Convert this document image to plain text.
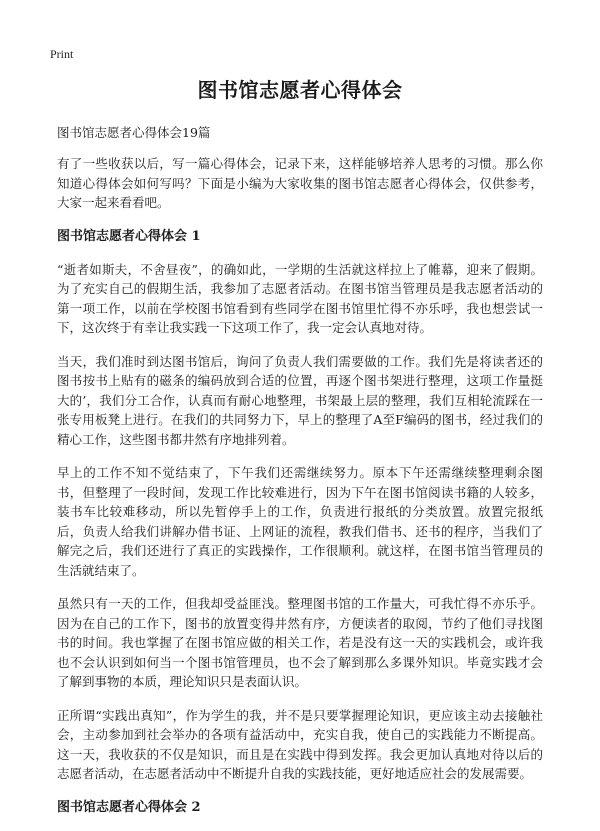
Print
图书馆志愿者心得体会
图书馆志愿者心得体会19篇

有了一些收获以后，写一篇心得体会，记录下来，这样能够培养人思考的习惯。那么你知道心得体会如何写吗？下面是小编为大家收集的图书馆志愿者心得体会，仅供参考，大家一起来看看吧。

图书馆志愿者心得体会 1

“逝者如斯夫，不舍昼夜”，的确如此，一学期的生活就这样拉上了帷幕，迎来了假期。为了充实自己的假期生活，我参加了志愿者活动。在图书馆当管理员是我志愿者活动的第一项工作，以前在学校图书馆看到有些同学在图书馆里忙得不亦乐呼，我也想尝试一下，这次终于有幸让我实践一下这项工作了，我一定会认真地对待。

当天，我们准时到达图书馆后，询问了负责人我们需要做的工作。我们先是将读者还的图书按书上贴有的磁条的编码放到合适的位置，再逐个图书架进行整理，这项工作量挺大的’，我们分工合作，认真而有耐心地整理，书架最上层的整理，我们互相轮流踩在一张专用板凳上进行。在我们的共同努力下，早上的整理了A至F编码的图书，经过我们的精心工作，这些图书都井然有序地排列着。

早上的工作不知不觉结束了，下午我们还需继续努力。原本下午还需继续整理剩余图书，但整理了一段时间，发现工作比较难进行，因为下午在图书馆阅读书籍的人较多，装书车比较难移动，所以先暂停手上的工作，负责进行报纸的分类放置。放置完报纸后，负责人给我们讲解办借书证、上网证的流程，教我们借书、还书的程序，当我们了解完之后，我们还进行了真正的实践操作，工作很顺利。就这样，在图书馆当管理员的生活就结束了。

虽然只有一天的工作，但我却受益匪浅。整理图书馆的工作量大，可我忙得不亦乐乎。因为在自己的工作下，图书的放置变得井然有序，方便读者的取阅，节约了他们寻找图书的时间。我也掌握了在图书馆应做的相关工作，若是没有这一天的实践机会，或许我也不会认识到如何当一个图书馆管理员，也不会了解到那么多课外知识。毕竟实践才会了解到事物的本质，理论知识只是表面认识。

正所谓“实践出真知”，作为学生的我，并不是只要掌握理论知识，更应该主动去接触社会，主动参加到社会举办的各项有益活动中，充实自我，使自己的实践能力不断提高。这一天，我收获的不仅是知识，而且是在实践中得到发挥。我会更加认真地对待以后的志愿者活动，在志愿者活动中不断提升自我的实践技能，更好地适应社会的发展需要。

图书馆志愿者心得体会 2
